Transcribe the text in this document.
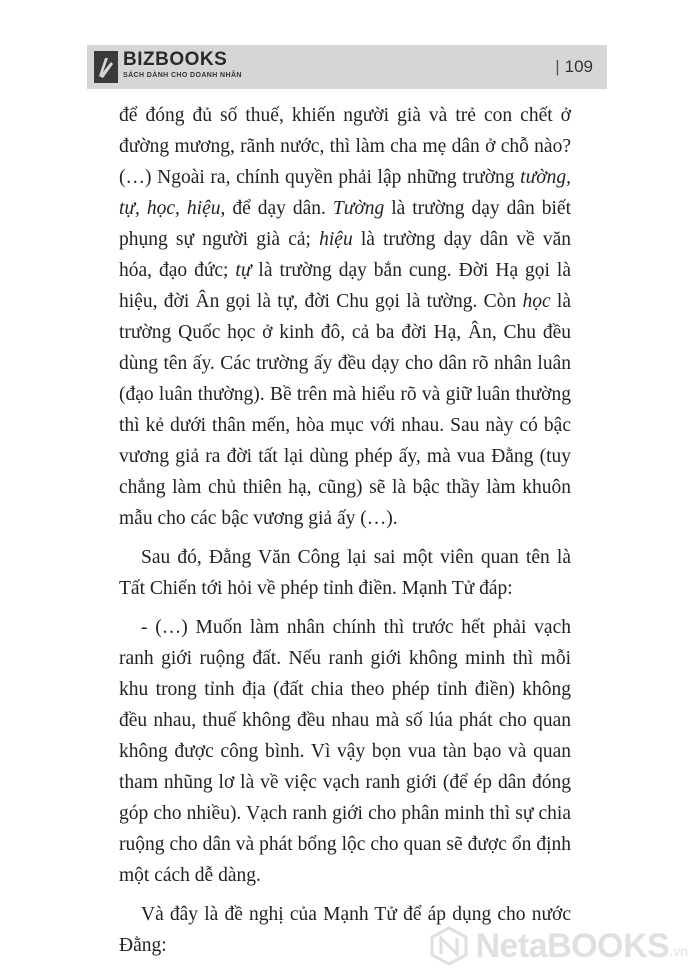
BIZBOOKS
SÁCH DÀNH CHO DOANH NHÂN	| 109

để đóng đủ số thuế, khiến người già và trẻ con chết ở đường mương, rãnh nước, thì làm cha mẹ dân ở chỗ nào? (…) Ngoài ra, chính quyền phải lập những trường tường, tự, học, hiệu, để dạy dân. Tường là trường dạy dân biết phụng sự người già cả; hiệu là trường dạy dân về văn hóa, đạo đức; tự là trường dạy bắn cung. Đời Hạ gọi là hiệu, đời Ân gọi là tự, đời Chu gọi là tường. Còn học là trường Quốc học ở kinh đô, cả ba đời Hạ, Ân, Chu đều dùng tên ấy. Các trường ấy đều dạy cho dân rõ nhân luân (đạo luân thường). Bề trên mà hiểu rõ và giữ luân thường thì kẻ dưới thân mến, hòa mục với nhau. Sau này có bậc vương giả ra đời tất lại dùng phép ấy, mà vua Đằng (tuy chẳng làm chủ thiên hạ, cũng) sẽ là bậc thầy làm khuôn mẫu cho các bậc vương giả ấy (…).

Sau đó, Đằng Văn Công lại sai một viên quan tên là Tất Chiến tới hỏi về phép tỉnh điền. Mạnh Tử đáp:

- (…) Muốn làm nhân chính thì trước hết phải vạch ranh giới ruộng đất. Nếu ranh giới không minh thì mỗi khu trong tỉnh địa (đất chia theo phép tỉnh điền) không đều nhau, thuế không đều nhau mà số lúa phát cho quan không được công bình. Vì vậy bọn vua tàn bạo và quan tham nhũng lơ là về việc vạch ranh giới (để ép dân đóng góp cho nhiều). Vạch ranh giới cho phân minh thì sự chia ruộng cho dân và phát bổng lộc cho quan sẽ được ổn định một cách dễ dàng.

Và đây là đề nghị của Mạnh Tử để áp dụng cho nước Đằng:	NetaBOOKS .vn
